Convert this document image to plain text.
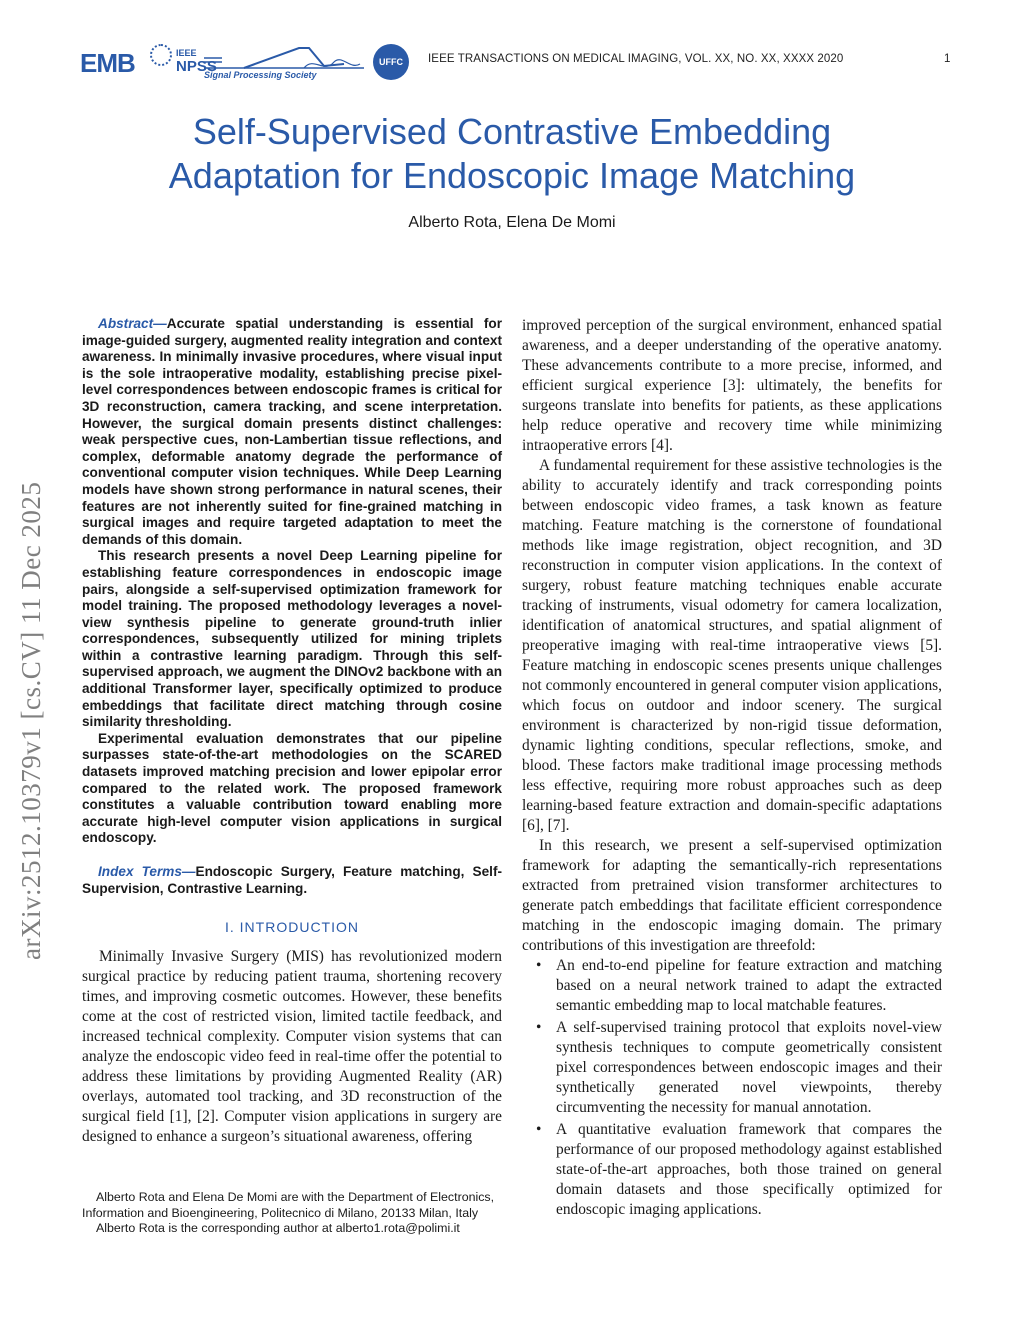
EMB	IEEE
NPSS
Signal Processing Society
UFFC	IEEE TRANSACTIONS ON MEDICAL IMAGING, VOL. XX, NO. XX, XXXX 2020	1
Self-Supervised Contrastive Embedding
Adaptation for Endoscopic Image Matching
Alberto Rota, Elena De Momi
arXiv:2512.10379v1 [cs.CV] 11 Dec 2025

Abstract—Accurate spatial understanding is essential for image-guided surgery, augmented reality integration and context awareness. In minimally invasive procedures, where visual input is the sole intraoperative modality, establishing precise pixel-level correspondences between endoscopic frames is critical for 3D reconstruction, camera tracking, and scene interpretation. However, the surgical domain presents distinct challenges: weak perspective cues, non-Lambertian tissue reflections, and complex, deformable anatomy degrade the performance of conventional computer vision techniques. While Deep Learning models have shown strong performance in natural scenes, their features are not inherently suited for fine-grained matching in surgical images and require targeted adaptation to meet the demands of this domain.

This research presents a novel Deep Learning pipeline for establishing feature correspondences in endoscopic image pairs, alongside a self-supervised optimization framework for model training. The proposed methodology leverages a novel-view synthesis pipeline to generate ground-truth inlier correspondences, subsequently utilized for mining triplets within a contrastive learning paradigm. Through this self-supervised approach, we augment the DINOv2 backbone with an additional Transformer layer, specifically optimized to produce embeddings that facilitate direct matching through cosine similarity thresholding.

Experimental evaluation demonstrates that our pipeline surpasses state-of-the-art methodologies on the SCARED datasets improved matching precision and lower epipolar error compared to the related work. The proposed framework constitutes a valuable contribution toward enabling more accurate high-level computer vision applications in surgical endoscopy.

Index Terms—Endoscopic Surgery, Feature matching, Self-Supervision, Contrastive Learning.

I. INTRODUCTION

Minimally Invasive Surgery (MIS) has revolutionized modern surgical practice by reducing patient trauma, shortening recovery times, and improving cosmetic outcomes. However, these benefits come at the cost of restricted vision, limited tactile feedback, and increased technical complexity. Computer vision systems that can analyze the endoscopic video feed in real-time offer the potential to address these limitations by providing Augmented Reality (AR) overlays, automated tool tracking, and 3D reconstruction of the surgical field [1], [2]. Computer vision applications in surgery are designed to enhance a surgeon’s situational awareness, offering

Alberto Rota and Elena De Momi are with the Department of Electronics, Information and Bioengineering, Politecnico di Milano, 20133 Milan, Italy

Alberto Rota is the corresponding author at alberto1.rota@polimi.it

improved perception of the surgical environment, enhanced spatial awareness, and a deeper understanding of the operative anatomy. These advancements contribute to a more precise, informed, and efficient surgical experience [3]: ultimately, the benefits for surgeons translate into benefits for patients, as these applications help reduce operative and recovery time while minimizing intraoperative errors [4].

A fundamental requirement for these assistive technologies is the ability to accurately identify and track corresponding points between endoscopic video frames, a task known as feature matching. Feature matching is the cornerstone of foundational methods like image registration, object recognition, and 3D reconstruction in computer vision applications. In the context of surgery, robust feature matching techniques enable accurate tracking of instruments, visual odometry for camera localization, identification of anatomical structures, and spatial alignment of preoperative imaging with real-time intraoperative views [5]. Feature matching in endoscopic scenes presents unique challenges not commonly encountered in general computer vision applications, which focus on outdoor and indoor scenery. The surgical environment is characterized by non-rigid tissue deformation, dynamic lighting conditions, specular reflections, smoke, and blood. These factors make traditional image processing methods less effective, requiring more robust approaches such as deep learning-based feature extraction and domain-specific adaptations [6], [7].

In this research, we present a self-supervised optimization framework for adapting the semantically-rich representations extracted from pretrained vision transformer architectures to generate patch embeddings that facilitate efficient correspondence matching in the endoscopic imaging domain. The primary contributions of this investigation are threefold:

• An end-to-end pipeline for feature extraction and matching based on a neural network trained to adapt the extracted semantic embedding map to local matchable features.
• A self-supervised training protocol that exploits novel-view synthesis techniques to compute geometrically consistent pixel correspondences between endoscopic images and their synthetically generated novel viewpoints, thereby circumventing the necessity for manual annotation.
• A quantitative evaluation framework that compares the performance of our proposed methodology against established state-of-the-art approaches, both those trained on general domain datasets and those specifically optimized for endoscopic imaging applications.
